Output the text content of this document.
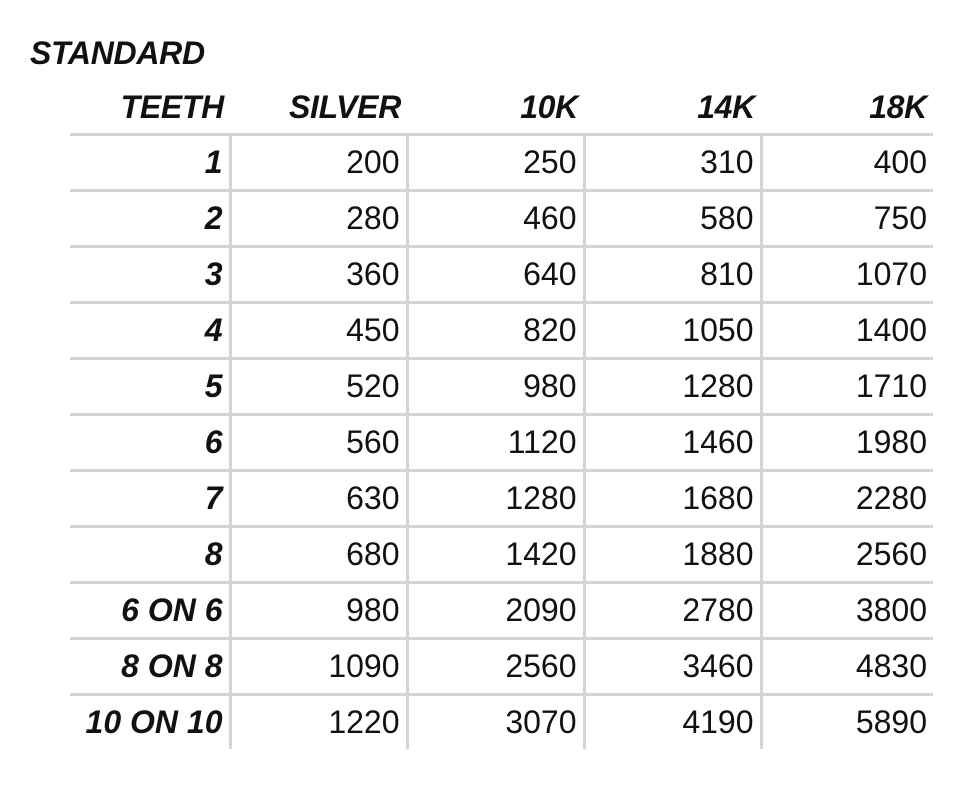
STANDARD
TEETH	SILVER	10K	14K	18K
1	200	250	310	400
2	280	460	580	750
3	360	640	810	1070
4	450	820	1050	1400
5	520	980	1280	1710
6	560	1120	1460	1980
7	630	1280	1680	2280
8	680	1420	1880	2560
6 ON 6	980	2090	2780	3800
8 ON 8	1090	2560	3460	4830
10 ON 10	1220	3070	4190	5890
